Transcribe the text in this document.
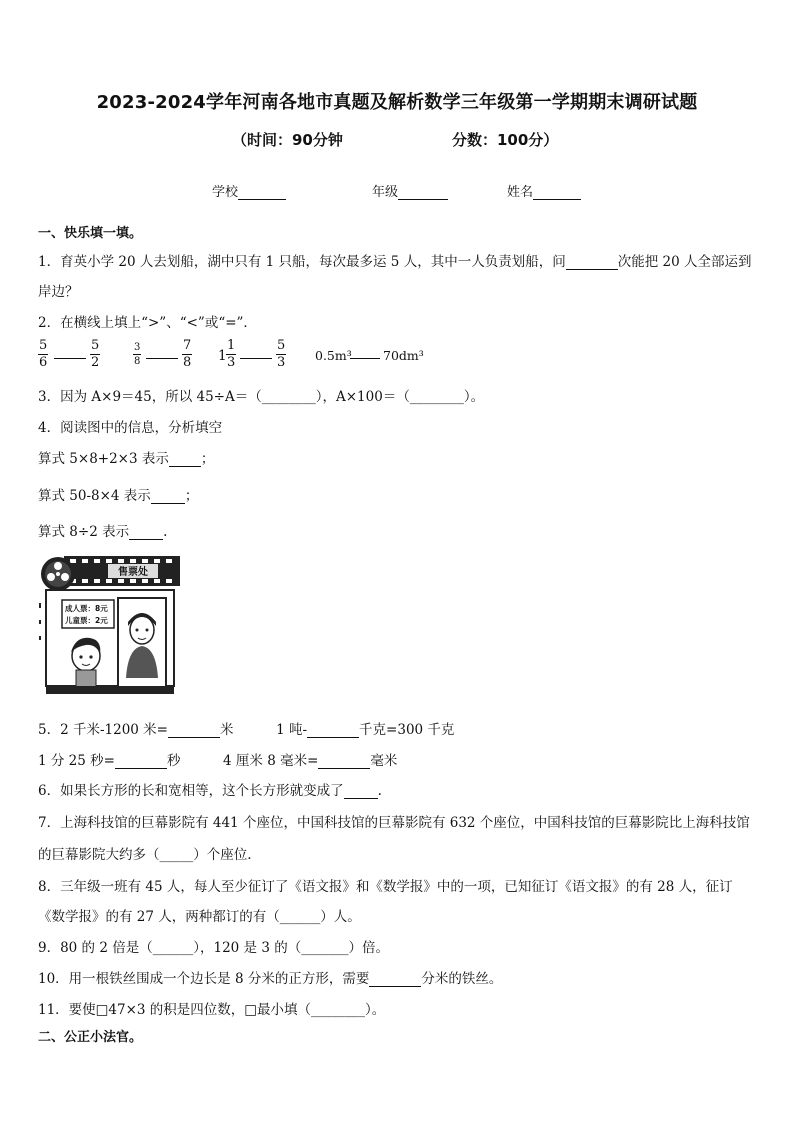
2023-2024学年河南各地市真题及解析数学三年级第一学期期末调研试题
（时间：90分钟	分数：100分）
学校	年级	姓名
一、快乐填一填。
1．育英小学 20 人去划船，湖中只有 1 只船，每次最多运 5 人，其中一人负责划船，问	次能把 20 人全部运到
岸边？
2．在横线上填上“>”、“<”或“=”．
$\frac{5}{6}$	$\frac{5}{2}$	$\frac{3}{8}$	$\frac{7}{8} 1 \frac{1}{3}$	$\frac{5}{3} 0.5m^3$	70dm³
3．因为 A×9＝45，所以 45÷A＝（________），A×100＝（________）。
4．阅读图中的信息，分析填空
算式 5×8+2×3 表示 ；
算式 50-8×4 表示	；
算式 8÷2 表示	.
售票处
成人票：8元
儿童票：2元
5．2 千米-1200 米=	米	1 吨-	千克=300 千克
1 分 25 秒=	秒	4 厘米 8 毫米=	毫米
6．如果长方形的长和宽相等，这个长方形就变成了	.
7．上海科技馆的巨幕影院有 441 个座位，中国科技馆的巨幕影院有 632 个座位，中国科技馆的巨幕影院比上海科技馆
的巨幕影院大约多（_____）个座位.
8．三年级一班有 45 人，每人至少征订了《语文报》和《数学报》中的一项，已知征订《语文报》的有 28 人，征订
《数学报》的有 27 人，两种都订的有（______）人。
9．80 的 2 倍是（______），120 是 3 的（_______）倍。
10．用一根铁丝围成一个边长是 8 分米的正方形，需要	分米的铁丝。
11．要使□47×3 的积是四位数，□最小填（________）。
二、公正小法官。
